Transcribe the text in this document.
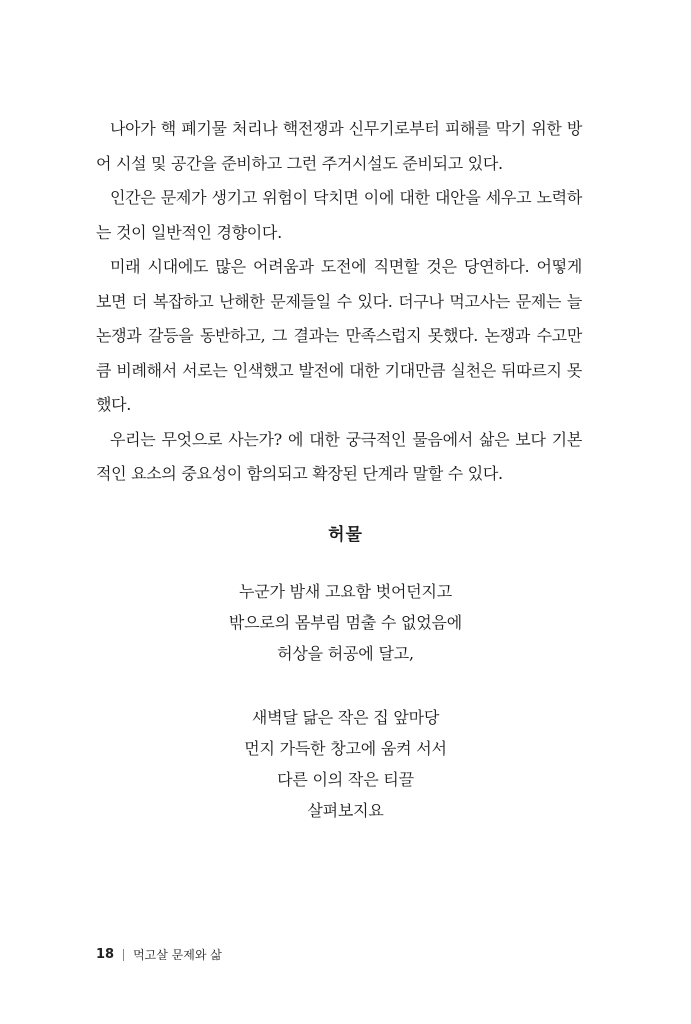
나아가 핵 폐기물 처리나 핵전쟁과 신무기로부터 피해를 막기 위한 방어 시설 및 공간을 준비하고 그런 주거시설도 준비되고 있다.

인간은 문제가 생기고 위험이 닥치면 이에 대한 대안을 세우고 노력하는 것이 일반적인 경향이다.

미래 시대에도 많은 어려움과 도전에 직면할 것은 당연하다. 어떻게 보면 더 복잡하고 난해한 문제들일 수 있다. 더구나 먹고사는 문제는 늘 논쟁과 갈등을 동반하고, 그 결과는 만족스럽지 못했다. 논쟁과 수고만큼 비례해서 서로는 인색했고 발전에 대한 기대만큼 실천은 뒤따르지 못했다.

우리는 무엇으로 사는가? 에 대한 궁극적인 물음에서 삶은 보다 기본적인 요소의 중요성이 함의되고 확장된 단계라 말할 수 있다.

허물
누군가 밤새 고요함 벗어던지고
밖으로의 몸부림 멈출 수 없었음에
허상을 허공에 달고,
새벽달 닮은 작은 집 앞마당
먼지 가득한 창고에 움켜 서서
다른 이의 작은 티끌
살펴보지요
18 먹고살 문제와 삶
